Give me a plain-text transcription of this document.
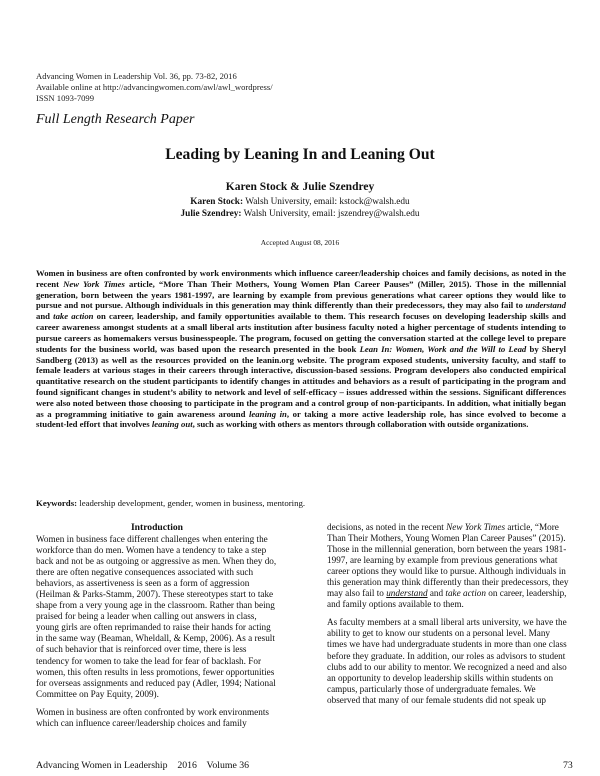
Advancing Women in Leadership Vol. 36, pp. 73-82, 2016
Available online at http://advancingwomen.com/awl/awl_wordpress/
ISSN 1093-7099
Full Length Research Paper
Leading by Leaning In and Leaning Out
Karen Stock & Julie Szendrey
Karen Stock: Walsh University, email: kstock@walsh.edu
Julie Szendrey: Walsh University, email: jszendrey@walsh.edu
Accepted August 08, 2016
Women in business are often confronted by work environments which influence career/leadership choices and family decisions, as noted in the recent New York Times article, “More Than Their Mothers, Young Women Plan Career Pauses” (Miller, 2015). Those in the millennial generation, born between the years 1981-1997, are learning by example from previous generations what career options they would like to pursue and not pursue. Although individuals in this generation may think differently than their predecessors, they may also fail to understand and take action on career, leadership, and family opportunities available to them. This research focuses on developing leadership skills and career awareness amongst students at a small liberal arts institution after business faculty noted a higher percentage of students intending to pursue careers as homemakers versus businesspeople. The program, focused on getting the conversation started at the college level to prepare students for the business world, was based upon the research presented in the book Lean In: Women, Work and the Will to Lead by Sheryl Sandberg (2013) as well as the resources provided on the leanin.org website. The program exposed students, university faculty, and staff to female leaders at various stages in their careers through interactive, discussion-based sessions. Program developers also conducted empirical quantitative research on the student participants to identify changes in attitudes and behaviors as a result of participating in the program and found significant changes in student’s ability to network and level of self-efficacy – issues addressed within the sessions. Significant differences were also noted between those choosing to participate in the program and a control group of non-participants. In addition, what initially began as a programming initiative to gain awareness around leaning in, or taking a more active leadership role, has since evolved to become a student-led effort that involves leaning out, such as working with others as mentors through collaboration with outside organizations.
Keywords: leadership development, gender, women in business, mentoring.
Introduction

Women in business face different challenges when entering the workforce than do men. Women have a tendency to take a step back and not be as outgoing or aggressive as men. When they do, there are often negative consequences associated with such behaviors, as assertiveness is seen as a form of aggression (Heilman & Parks-Stamm, 2007). These stereotypes start to take shape from a very young age in the classroom. Rather than being praised for being a leader when calling out answers in class, young girls are often reprimanded to raise their hands for acting in the same way (Beaman, Wheldall, & Kemp, 2006). As a result of such behavior that is reinforced over time, there is less tendency for women to take the lead for fear of backlash. For women, this often results in less promotions, fewer opportunities for overseas assignments and reduced pay (Adler, 1994; National Committee on Pay Equity, 2009).

Women in business are often confronted by work environments which can influence career/leadership choices and family

decisions, as noted in the recent New York Times article, “More Than Their Mothers, Young Women Plan Career Pauses” (2015). Those in the millennial generation, born between the years 1981-1997, are learning by example from previous generations what career options they would like to pursue. Although individuals in this generation may think differently than their predecessors, they may also fail to understand and take action on career, leadership, and family options available to them.

As faculty members at a small liberal arts university, we have the ability to get to know our students on a personal level. Many times we have had undergraduate students in more than one class before they graduate. In addition, our roles as advisors to student clubs add to our ability to mentor. We recognized a need and also an opportunity to develop leadership skills within students on campus, particularly those of undergraduate females. We observed that many of our female students did not speak up

Advancing Women in Leadership    2016    Volume 36	73
